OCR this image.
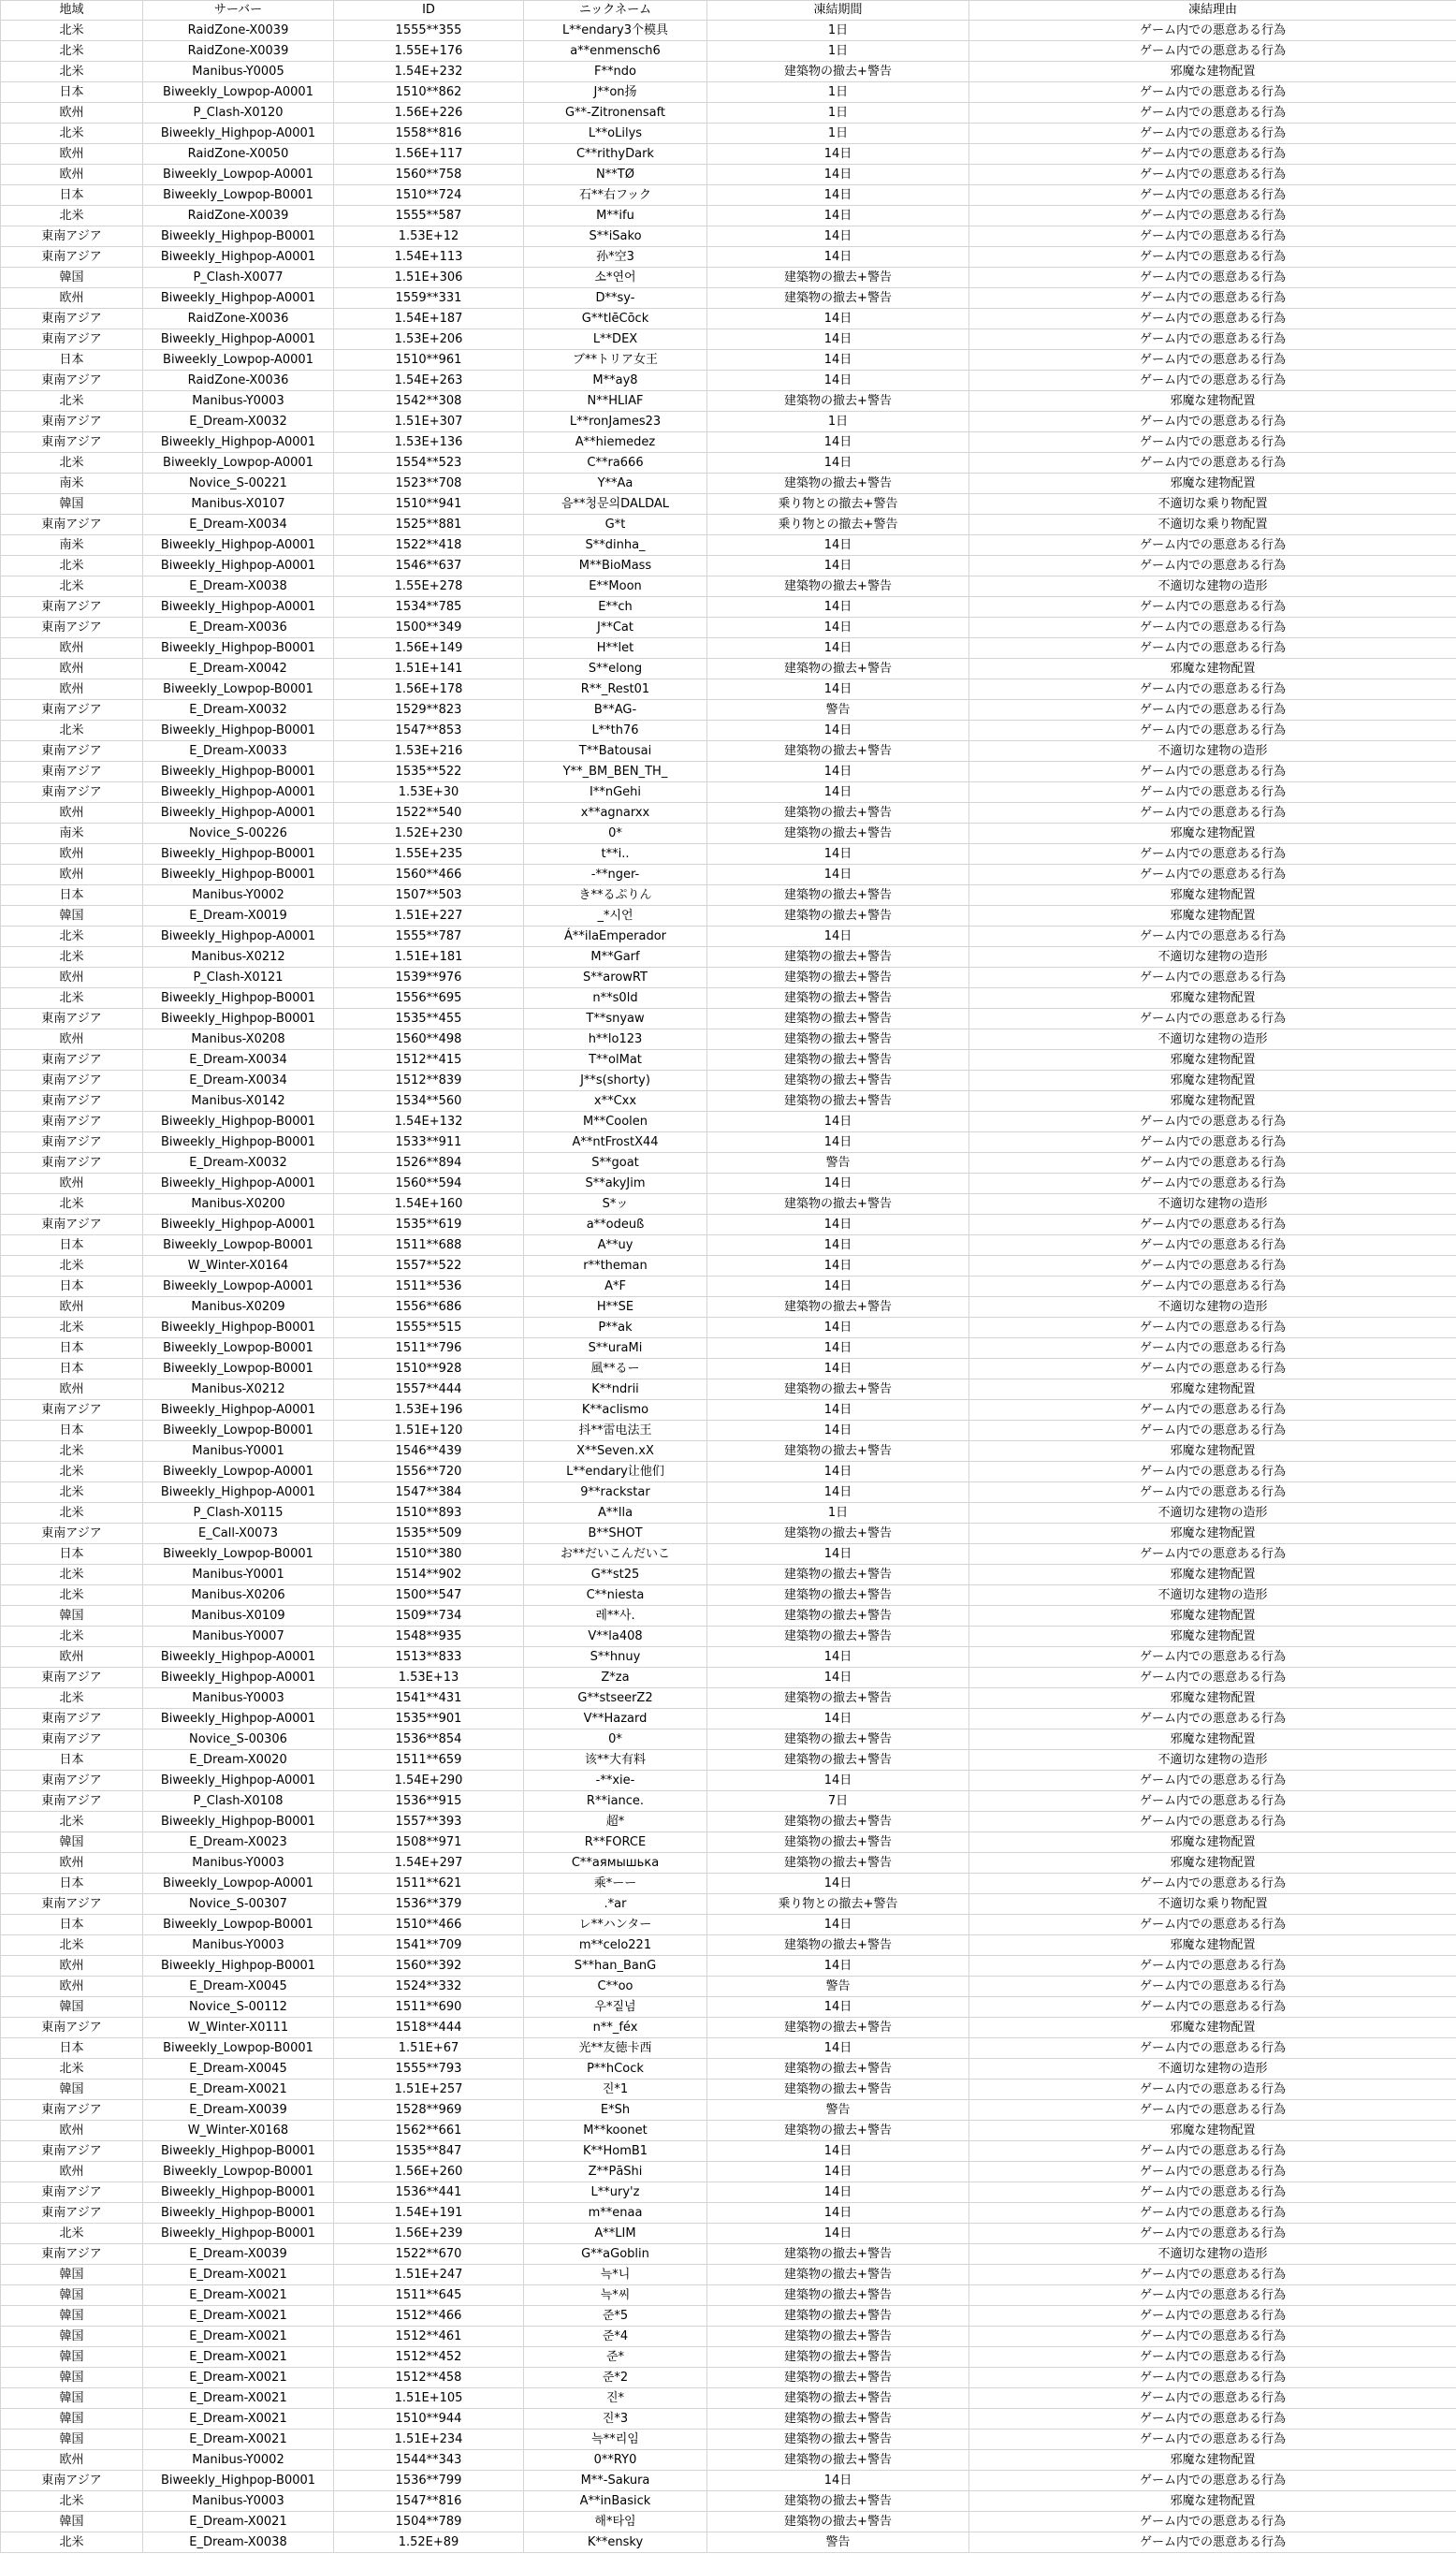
地域	サーバー	ID	ニックネーム	凍結期間	凍結理由
北米	RaidZone-X0039	1555**355	L**endary3个模具	1日	ゲーム内での悪意ある行為
北米	RaidZone-X0039	1.55E+176	a**enmensch6	1日	ゲーム内での悪意ある行為
北米	Manibus-Y0005	1.54E+232	F**ndo	建築物の撤去+警告	邪魔な建物配置
日本	Biweekly_Lowpop-A0001	1510**862	J**on扬	1日	ゲーム内での悪意ある行為
欧州	P_Clash-X0120	1.56E+226	G**-Zitronensaft	1日	ゲーム内での悪意ある行為
北米	Biweekly_Highpop-A0001	1558**816	L**oLilys	1日	ゲーム内での悪意ある行為
欧州	RaidZone-X0050	1.56E+117	C**rithyDark	14日	ゲーム内での悪意ある行為
欧州	Biweekly_Lowpop-A0001	1560**758	N**TØ	14日	ゲーム内での悪意ある行為
日本	Biweekly_Lowpop-B0001	1510**724	石**右フック	14日	ゲーム内での悪意ある行為
北米	RaidZone-X0039	1555**587	M**ifu	14日	ゲーム内での悪意ある行為
東南アジア	Biweekly_Highpop-B0001	1.53E+12	S**iSako	14日	ゲーム内での悪意ある行為
東南アジア	Biweekly_Highpop-A0001	1.54E+113	孙*空3	14日	ゲーム内での悪意ある行為
韓国	P_Clash-X0077	1.51E+306	소*연어	建築物の撤去+警告	ゲーム内での悪意ある行為
欧州	Biweekly_Highpop-A0001	1559**331	D**sy-	建築物の撤去+警告	ゲーム内での悪意ある行為
東南アジア	RaidZone-X0036	1.54E+187	G**tlēCōck	14日	ゲーム内での悪意ある行為
東南アジア	Biweekly_Highpop-A0001	1.53E+206	L**DEX	14日	ゲーム内での悪意ある行為
日本	Biweekly_Lowpop-A0001	1510**961	ブ**トリア女王	14日	ゲーム内での悪意ある行為
東南アジア	RaidZone-X0036	1.54E+263	M**ay8	14日	ゲーム内での悪意ある行為
北米	Manibus-Y0003	1542**308	N**HLIAF	建築物の撤去+警告	邪魔な建物配置
東南アジア	E_Dream-X0032	1.51E+307	L**ronJames23	1日	ゲーム内での悪意ある行為
東南アジア	Biweekly_Highpop-A0001	1.53E+136	A**hiemedez	14日	ゲーム内での悪意ある行為
北米	Biweekly_Lowpop-A0001	1554**523	C**ra666	14日	ゲーム内での悪意ある行為
南米	Novice_S-00221	1523**708	Y**Aa	建築物の撤去+警告	邪魔な建物配置
韓国	Manibus-X0107	1510**941	음**청문의DALDAL	乗り物との撤去+警告	不適切な乗り物配置
東南アジア	E_Dream-X0034	1525**881	G*t	乗り物との撤去+警告	不適切な乗り物配置
南米	Biweekly_Highpop-A0001	1522**418	S**dinha_	14日	ゲーム内での悪意ある行為
北米	Biweekly_Highpop-A0001	1546**637	M**BioMass	14日	ゲーム内での悪意ある行為
北米	E_Dream-X0038	1.55E+278	E**Moon	建築物の撤去+警告	不適切な建物の造形
東南アジア	Biweekly_Highpop-A0001	1534**785	E**ch	14日	ゲーム内での悪意ある行為
東南アジア	E_Dream-X0036	1500**349	J**Cat	14日	ゲーム内での悪意ある行為
欧州	Biweekly_Highpop-B0001	1.56E+149	H**let	14日	ゲーム内での悪意ある行為
欧州	E_Dream-X0042	1.51E+141	S**elong	建築物の撤去+警告	邪魔な建物配置
欧州	Biweekly_Lowpop-B0001	1.56E+178	R**_Rest01	14日	ゲーム内での悪意ある行為
東南アジア	E_Dream-X0032	1529**823	B**AG-	警告	ゲーム内での悪意ある行為
北米	Biweekly_Highpop-B0001	1547**853	L**th76	14日	ゲーム内での悪意ある行為
東南アジア	E_Dream-X0033	1.53E+216	T**Batousai	建築物の撤去+警告	不適切な建物の造形
東南アジア	Biweekly_Highpop-B0001	1535**522	Y**_BM_BEN_TH_	14日	ゲーム内での悪意ある行為
東南アジア	Biweekly_Highpop-A0001	1.53E+30	I**nGehi	14日	ゲーム内での悪意ある行為
欧州	Biweekly_Highpop-A0001	1522**540	x**agnarxx	建築物の撤去+警告	ゲーム内での悪意ある行為
南米	Novice_S-00226	1.52E+230	0*	建築物の撤去+警告	邪魔な建物配置
欧州	Biweekly_Highpop-B0001	1.55E+235	t**i..	14日	ゲーム内での悪意ある行為
欧州	Biweekly_Highpop-B0001	1560**466	-**nger-	14日	ゲーム内での悪意ある行為
日本	Manibus-Y0002	1507**503	き**るぷりん	建築物の撤去+警告	邪魔な建物配置
韓国	E_Dream-X0019	1.51E+227	_*시언	建築物の撤去+警告	邪魔な建物配置
北米	Biweekly_Highpop-A0001	1555**787	Á**ilaEmperador	14日	ゲーム内での悪意ある行為
北米	Manibus-X0212	1.51E+181	M**Garf	建築物の撤去+警告	不適切な建物の造形
欧州	P_Clash-X0121	1539**976	S**arowRT	建築物の撤去+警告	ゲーム内での悪意ある行為
北米	Biweekly_Highpop-B0001	1556**695	n**s0ld	建築物の撤去+警告	邪魔な建物配置
東南アジア	Biweekly_Highpop-B0001	1535**455	T**snyaw	建築物の撤去+警告	ゲーム内での悪意ある行為
欧州	Manibus-X0208	1560**498	h**lo123	建築物の撤去+警告	不適切な建物の造形
東南アジア	E_Dream-X0034	1512**415	T**olMat	建築物の撤去+警告	邪魔な建物配置
東南アジア	E_Dream-X0034	1512**839	J**s(shorty)	建築物の撤去+警告	邪魔な建物配置
東南アジア	Manibus-X0142	1534**560	x**Cxx	建築物の撤去+警告	邪魔な建物配置
東南アジア	Biweekly_Highpop-B0001	1.54E+132	M**Coolen	14日	ゲーム内での悪意ある行為
東南アジア	Biweekly_Highpop-B0001	1533**911	A**ntFrostX44	14日	ゲーム内での悪意ある行為
東南アジア	E_Dream-X0032	1526**894	S**goat	警告	ゲーム内での悪意ある行為
欧州	Biweekly_Highpop-A0001	1560**594	S**akyJim	14日	ゲーム内での悪意ある行為
北米	Manibus-X0200	1.54E+160	S*ッ	建築物の撤去+警告	不適切な建物の造形
東南アジア	Biweekly_Highpop-A0001	1535**619	a**odeuß	14日	ゲーム内での悪意ある行為
日本	Biweekly_Lowpop-B0001	1511**688	A**uy	14日	ゲーム内での悪意ある行為
北米	W_Winter-X0164	1557**522	r**theman	14日	ゲーム内での悪意ある行為
日本	Biweekly_Lowpop-A0001	1511**536	A*F	14日	ゲーム内での悪意ある行為
欧州	Manibus-X0209	1556**686	H**SE	建築物の撤去+警告	不適切な建物の造形
北米	Biweekly_Highpop-B0001	1555**515	P**ak	14日	ゲーム内での悪意ある行為
日本	Biweekly_Lowpop-B0001	1511**796	S**uraMi	14日	ゲーム内での悪意ある行為
日本	Biweekly_Lowpop-B0001	1510**928	風**るー	14日	ゲーム内での悪意ある行為
欧州	Manibus-X0212	1557**444	K**ndrii	建築物の撤去+警告	邪魔な建物配置
東南アジア	Biweekly_Highpop-A0001	1.53E+196	K**aclismo	14日	ゲーム内での悪意ある行為
日本	Biweekly_Lowpop-B0001	1.51E+120	抖**雷电法王	14日	ゲーム内での悪意ある行為
北米	Manibus-Y0001	1546**439	X**Seven.xX	建築物の撤去+警告	邪魔な建物配置
北米	Biweekly_Lowpop-A0001	1556**720	L**endary让他们	14日	ゲーム内での悪意ある行為
北米	Biweekly_Highpop-A0001	1547**384	9**rackstar	14日	ゲーム内での悪意ある行為
北米	P_Clash-X0115	1510**893	A**lla	1日	不適切な建物の造形
東南アジア	E_Call-X0073	1535**509	B**SHOT	建築物の撤去+警告	邪魔な建物配置
日本	Biweekly_Lowpop-B0001	1510**380	お**だいこんだいこ	14日	ゲーム内での悪意ある行為
北米	Manibus-Y0001	1514**902	G**st25	建築物の撤去+警告	邪魔な建物配置
北米	Manibus-X0206	1500**547	C**niesta	建築物の撤去+警告	不適切な建物の造形
韓国	Manibus-X0109	1509**734	레**사.	建築物の撤去+警告	邪魔な建物配置
北米	Manibus-Y0007	1548**935	V**la408	建築物の撤去+警告	邪魔な建物配置
欧州	Biweekly_Highpop-A0001	1513**833	S**hnuy	14日	ゲーム内での悪意ある行為
東南アジア	Biweekly_Highpop-A0001	1.53E+13	Z*za	14日	ゲーム内での悪意ある行為
北米	Manibus-Y0003	1541**431	G**stseerZ2	建築物の撤去+警告	邪魔な建物配置
東南アジア	Biweekly_Highpop-A0001	1535**901	V**Hazard	14日	ゲーム内での悪意ある行為
東南アジア	Novice_S-00306	1536**854	0*	建築物の撤去+警告	邪魔な建物配置
日本	E_Dream-X0020	1511**659	该**大有料	建築物の撤去+警告	不適切な建物の造形
東南アジア	Biweekly_Highpop-A0001	1.54E+290	-**xie-	14日	ゲーム内での悪意ある行為
東南アジア	P_Clash-X0108	1536**915	R**iance.	7日	ゲーム内での悪意ある行為
北米	Biweekly_Highpop-B0001	1557**393	超*	建築物の撤去+警告	ゲーム内での悪意ある行為
韓国	E_Dream-X0023	1508**971	R**FORCE	建築物の撤去+警告	邪魔な建物配置
欧州	Manibus-Y0003	1.54E+297	C**аямышька	建築物の撤去+警告	邪魔な建物配置
日本	Biweekly_Lowpop-A0001	1511**621	乘*ーー	14日	ゲーム内での悪意ある行為
東南アジア	Novice_S-00307	1536**379	.*ar	乗り物との撤去+警告	不適切な乗り物配置
日本	Biweekly_Lowpop-B0001	1510**466	レ**ハンター	14日	ゲーム内での悪意ある行為
北米	Manibus-Y0003	1541**709	m**celo221	建築物の撤去+警告	邪魔な建物配置
欧州	Biweekly_Highpop-B0001	1560**392	S**han_BanG	14日	ゲーム内での悪意ある行為
欧州	E_Dream-X0045	1524**332	C**oo	警告	ゲーム内での悪意ある行為
韓国	Novice_S-00112	1511**690	우*짙넘	14日	ゲーム内での悪意ある行為
東南アジア	W_Winter-X0111	1518**444	n**_féx	建築物の撤去+警告	邪魔な建物配置
日本	Biweekly_Lowpop-B0001	1.51E+67	光**友徳卡西	14日	ゲーム内での悪意ある行為
北米	E_Dream-X0045	1555**793	P**hCock	建築物の撤去+警告	不適切な建物の造形
韓国	E_Dream-X0021	1.51E+257	진*1	建築物の撤去+警告	ゲーム内での悪意ある行為
東南アジア	E_Dream-X0039	1528**969	E*Sh	警告	ゲーム内での悪意ある行為
欧州	W_Winter-X0168	1562**661	M**koonet	建築物の撤去+警告	邪魔な建物配置
東南アジア	Biweekly_Highpop-B0001	1535**847	K**HomB1	14日	ゲーム内での悪意ある行為
欧州	Biweekly_Lowpop-B0001	1.56E+260	Z**PāShi	14日	ゲーム内での悪意ある行為
東南アジア	Biweekly_Highpop-B0001	1536**441	L**ury'z	14日	ゲーム内での悪意ある行為
東南アジア	Biweekly_Highpop-B0001	1.54E+191	m**enaa	14日	ゲーム内での悪意ある行為
北米	Biweekly_Highpop-B0001	1.56E+239	A**LIM	14日	ゲーム内での悪意ある行為
東南アジア	E_Dream-X0039	1522**670	G**aGoblin	建築物の撤去+警告	不適切な建物の造形
韓国	E_Dream-X0021	1.51E+247	늑*니	建築物の撤去+警告	ゲーム内での悪意ある行為
韓国	E_Dream-X0021	1511**645	늑*씨	建築物の撤去+警告	ゲーム内での悪意ある行為
韓国	E_Dream-X0021	1512**466	준*5	建築物の撤去+警告	ゲーム内での悪意ある行為
韓国	E_Dream-X0021	1512**461	준*4	建築物の撤去+警告	ゲーム内での悪意ある行為
韓国	E_Dream-X0021	1512**452	준*	建築物の撤去+警告	ゲーム内での悪意ある行為
韓国	E_Dream-X0021	1512**458	준*2	建築物の撤去+警告	ゲーム内での悪意ある行為
韓国	E_Dream-X0021	1.51E+105	진*	建築物の撤去+警告	ゲーム内での悪意ある行為
韓国	E_Dream-X0021	1510**944	진*3	建築物の撤去+警告	ゲーム内での悪意ある行為
韓国	E_Dream-X0021	1.51E+234	늑**리임	建築物の撤去+警告	ゲーム内での悪意ある行為
欧州	Manibus-Y0002	1544**343	0**RY0	建築物の撤去+警告	邪魔な建物配置
東南アジア	Biweekly_Highpop-B0001	1536**799	M**-Sakura	14日	ゲーム内での悪意ある行為
北米	Manibus-Y0003	1547**816	A**inBasick	建築物の撤去+警告	邪魔な建物配置
韓国	E_Dream-X0021	1504**789	해*타임	建築物の撤去+警告	ゲーム内での悪意ある行為
北米	E_Dream-X0038	1.52E+89	K**ensky	警告	ゲーム内での悪意ある行為
